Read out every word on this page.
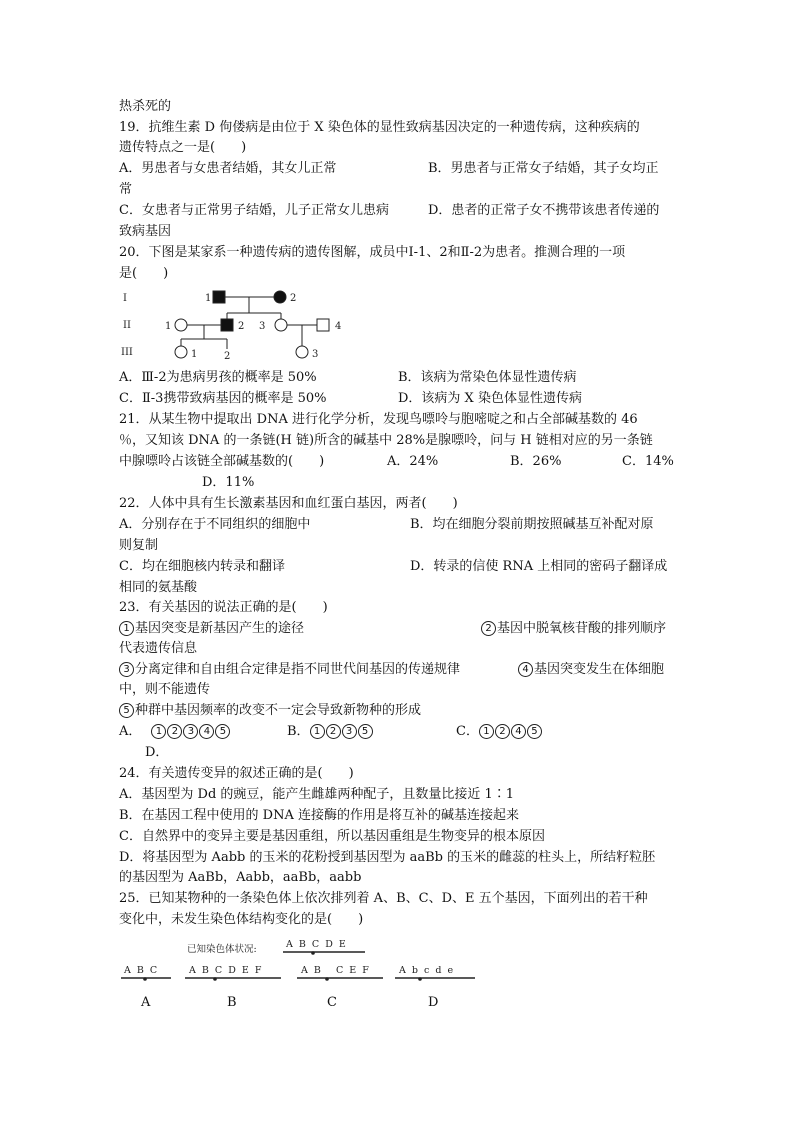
热杀死的
19．抗维生素 D 佝偻病是由位于 X 染色体的显性致病基因决定的一种遗传病，这种疾病的
遗传特点之一是(　　)
A．男患者与女患者结婚，其女儿正常	B．男患者与正常女子结婚，其子女均正
常
C．女患者与正常男子结婚，儿子正常女儿患病	D．患者的正常子女不携带该患者传递的
致病基因
20．下图是某家系一种遗传病的遗传图解，成员中Ⅰ-1、2和Ⅱ-2为患者。推测合理的一项
是(　　)
I
II
III
1	2
1	2 3	4
1	2	3
A．Ⅲ-2为患病男孩的概率是 50%	B．该病为常染色体显性遗传病
C．Ⅱ-3携带致病基因的概率是 50%	D．该病为 X 染色体显性遗传病
21．从某生物中提取出 DNA 进行化学分析，发现鸟嘌呤与胞嘧啶之和占全部碱基数的 46
％，又知该 DNA 的一条链(H 链)所含的碱基中 28%是腺嘌呤，问与 H 链相对应的另一条链
中腺嘌呤占该链全部碱基数的(　　)	A．24%	B．26%	C．14%
D．11%
22．人体中具有生长激素基因和血红蛋白基因，两者(　　)
A．分别存在于不同组织的细胞中	B．均在细胞分裂前期按照碱基互补配对原
则复制
C．均在细胞核内转录和翻译	D．转录的信使 RNA 上相同的密码子翻译成
相同的氨基酸
23．有关基因的说法正确的是(　　)
1 基因突变是新基因产生的途径	2 基因中脱氧核苷酸的排列顺序
代表遗传信息
3 分离定律和自由组合定律是指不同世代间基因的传递规律	4 基因突变发生在体细胞
中，则不能遗传
5 种群中基因频率的改变不一定会导致新物种的形成
A． 1 2 3 4 5	B． 1 2 3 5	C． 1 2 4 5
D．
24．有关遗传变异的叙述正确的是(　　)
A．基因型为 Dd 的豌豆，能产生雌雄两种配子，且数量比接近 1∶1
B．在基因工程中使用的 DNA 连接酶的作用是将互补的碱基连接起来
C．自然界中的变异主要是基因重组，所以基因重组是生物变异的根本原因
D．将基因型为 Aabb 的玉米的花粉授到基因型为 aaBb 的玉米的雌蕊的柱头上，所结籽粒胚
的基因型为 AaBb，Aabb，aaBb，aabb
25．已知某物种的一条染色体上依次排列着 A、B、C、D、E 五个基因，下面列出的若干种
变化中，未发生染色体结构变化的是(　　)
已知染色体状况:	A  B  C  D  E
A  B  C	A  B  C  D  E  F	A  B     C  E  F	A  b  c  d  e
A	B	C	D
